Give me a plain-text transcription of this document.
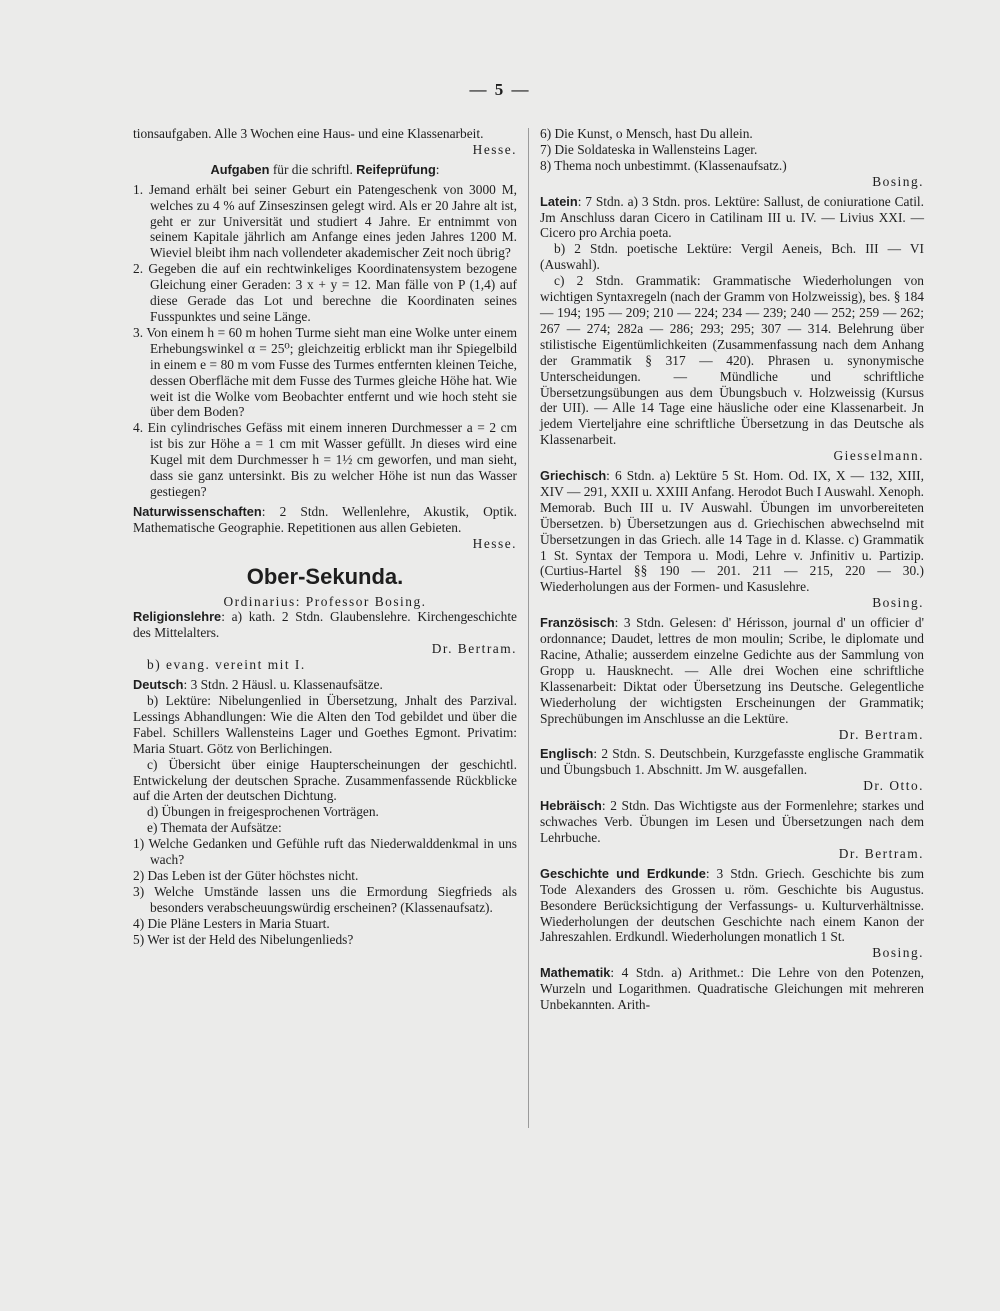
— 5 —

tionsaufgaben. Alle 3 Wochen eine Haus- und eine Klassenarbeit.

Hesse.

Aufgaben für die schriftl. Reifeprüfung:

1. Jemand erhält bei seiner Geburt ein Patengeschenk von 3000 M, welches zu 4 % auf Zinseszinsen gelegt wird. Als er 20 Jahre alt ist, geht er zur Universität und studiert 4 Jahre. Er entnimmt von seinem Kapitale jährlich am Anfange eines jeden Jahres 1200 M. Wieviel bleibt ihm nach vollendeter akademischer Zeit noch übrig?

2. Gegeben die auf ein rechtwinkeliges Koordinatensystem bezogene Gleichung einer Geraden: 3 x + y = 12. Man fälle von P (1,4) auf diese Gerade das Lot und berechne die Koordinaten seines Fusspunktes und seine Länge.

3. Von einem h = 60 m hohen Turme sieht man eine Wolke unter einem Erhebungswinkel α = 25⁰; gleichzeitig erblickt man ihr Spiegelbild in einem e = 80 m vom Fusse des Turmes entfernten kleinen Teiche, dessen Oberfläche mit dem Fusse des Turmes gleiche Höhe hat. Wie weit ist die Wolke vom Beobachter entfernt und wie hoch steht sie über dem Boden?

4. Ein cylindrisches Gefäss mit einem inneren Durchmesser a = 2 cm ist bis zur Höhe a = 1 cm mit Wasser gefüllt. Jn dieses wird eine Kugel mit dem Durchmesser h = 1½ cm geworfen, und man sieht, dass sie ganz untersinkt. Bis zu welcher Höhe ist nun das Wasser gestiegen?

Naturwissenschaften: 2 Stdn. Wellenlehre, Akustik, Optik. Mathematische Geographie. Repetitionen aus allen Gebieten.

Hesse.

Ober-Sekunda.

Ordinarius: Professor Bosing.

Religionslehre: a) kath. 2 Stdn. Glaubenslehre. Kirchengeschichte des Mittelalters.

Dr. Bertram.

b) evang. vereint mit I.

Deutsch: 3 Stdn. 2 Häusl. u. Klassenaufsätze.

b) Lektüre: Nibelungenlied in Übersetzung, Jnhalt des Parzival. Lessings Abhandlungen: Wie die Alten den Tod gebildet und über die Fabel. Schillers Wallensteins Lager und Goethes Egmont. Privatim: Maria Stuart. Götz von Berlichingen.

c) Übersicht über einige Haupterscheinungen der geschichtl. Entwickelung der deutschen Sprache. Zusammenfassende Rückblicke auf die Arten der deutschen Dichtung.

d) Übungen in freigesprochenen Vorträgen.

e) Themata der Aufsätze:

1) Welche Gedanken und Gefühle ruft das Niederwalddenkmal in uns wach?

2) Das Leben ist der Güter höchstes nicht.

3) Welche Umstände lassen uns die Ermordung Siegfrieds als besonders verabscheuungswürdig erscheinen? (Klassenaufsatz).

4) Die Pläne Lesters in Maria Stuart.

5) Wer ist der Held des Nibelungenlieds?

6) Die Kunst, o Mensch, hast Du allein.

7) Die Soldateska in Wallensteins Lager.

8) Thema noch unbestimmt. (Klassenaufsatz.)

Bosing.

Latein: 7 Stdn. a) 3 Stdn. pros. Lektüre: Sallust, de coniuratione Catil. Jm Anschluss daran Cicero in Catilinam III u. IV. — Livius XXI. — Cicero pro Archia poeta.

b) 2 Stdn. poetische Lektüre: Vergil Aeneis, Bch. III — VI (Auswahl).

c) 2 Stdn. Grammatik: Grammatische Wiederholungen von wichtigen Syntaxregeln (nach der Gramm von Holzweissig), bes. § 184 — 194; 195 — 209; 210 — 224; 234 — 239; 240 — 252; 259 — 262; 267 — 274; 282a — 286; 293; 295; 307 — 314. Belehrung über stilistische Eigentümlichkeiten (Zusammenfassung nach dem Anhang der Grammatik § 317 — 420). Phrasen u. synonymische Unterscheidungen. — Mündliche und schriftliche Übersetzungsübungen aus dem Übungsbuch v. Holzweissig (Kursus der UII). — Alle 14 Tage eine häusliche oder eine Klassenarbeit. Jn jedem Vierteljahre eine schriftliche Übersetzung in das Deutsche als Klassenarbeit.

Giesselmann.

Griechisch: 6 Stdn. a) Lektüre 5 St. Hom. Od. IX, X — 132, XIII, XIV — 291, XXII u. XXIII Anfang. Herodot Buch I Auswahl. Xenoph. Memorab. Buch III u. IV Auswahl. Übungen im unvorbereiteten Übersetzen. b) Übersetzungen aus d. Griechischen abwechselnd mit Übersetzungen in das Griech. alle 14 Tage in d. Klasse. c) Grammatik 1 St. Syntax der Tempora u. Modi, Lehre v. Jnfinitiv u. Partizip. (Curtius-Hartel §§ 190 — 201. 211 — 215, 220 — 30.) Wiederholungen aus der Formen- und Kasuslehre.

Bosing.

Französisch: 3 Stdn. Gelesen: d' Hérisson, journal d' un officier d' ordonnance; Daudet, lettres de mon moulin; Scribe, le diplomate und Racine, Athalie; ausserdem einzelne Gedichte aus der Sammlung von Gropp u. Hausknecht. — Alle drei Wochen eine schriftliche Klassenarbeit: Diktat oder Übersetzung ins Deutsche. Gelegentliche Wiederholung der wichtigsten Erscheinungen der Grammatik; Sprechübungen im Anschlusse an die Lektüre.

Dr. Bertram.

Englisch: 2 Stdn. S. Deutschbein, Kurzgefasste englische Grammatik und Übungsbuch 1. Abschnitt. Jm W. ausgefallen.

Dr. Otto.

Hebräisch: 2 Stdn. Das Wichtigste aus der Formenlehre; starkes und schwaches Verb. Übungen im Lesen und Übersetzungen nach dem Lehrbuche.

Dr. Bertram.

Geschichte und Erdkunde: 3 Stdn. Griech. Geschichte bis zum Tode Alexanders des Grossen u. röm. Geschichte bis Augustus. Besondere Berücksichtigung der Verfassungs- u. Kulturverhältnisse. Wiederholungen der deutschen Geschichte nach einem Kanon der Jahreszahlen. Erdkundl. Wiederholungen monatlich 1 St.

Bosing.

Mathematik: 4 Stdn. a) Arithmet.: Die Lehre von den Potenzen, Wurzeln und Logarithmen. Quadratische Gleichungen mit mehreren Unbekannten. Arith-
